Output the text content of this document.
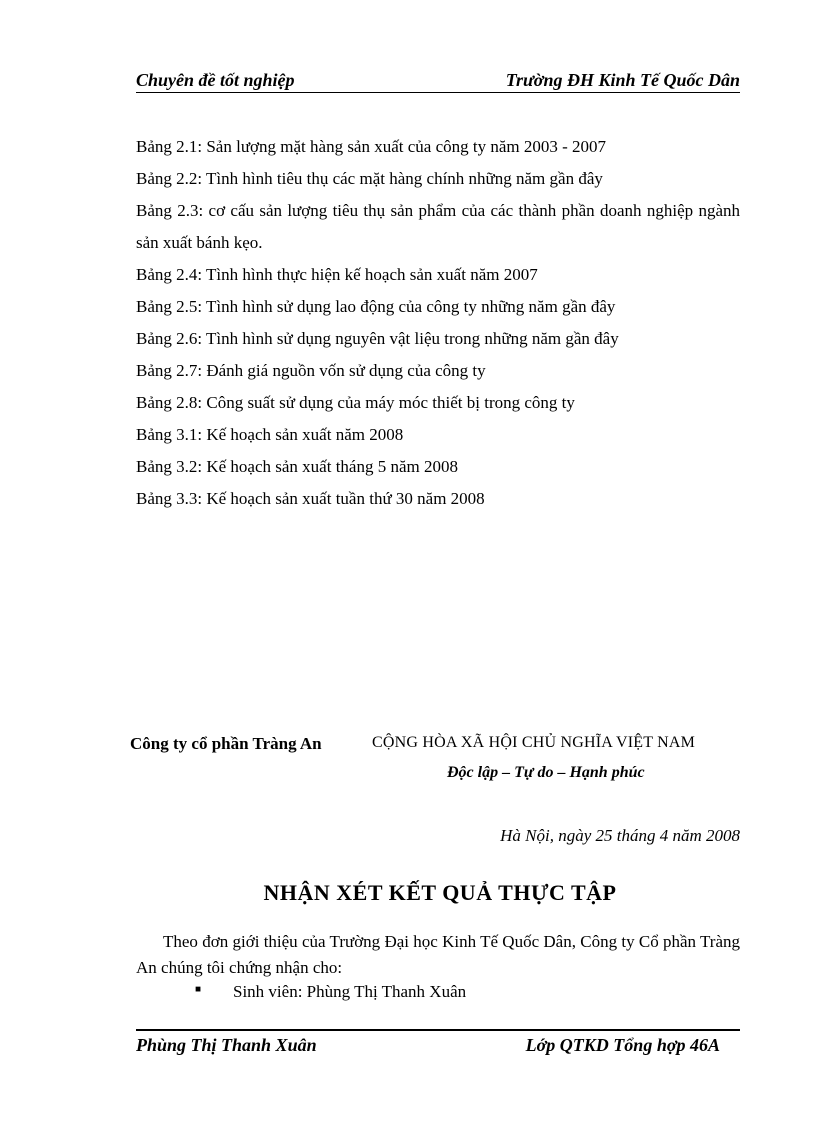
Chuyên đề tốt nghiệp	Trường ĐH Kinh Tế Quốc Dân
Bảng 2.1: Sản lượng mặt hàng sản xuất của công ty năm 2003 - 2007
Bảng 2.2: Tình hình tiêu thụ các mặt hàng chính những năm gần đây
Bảng 2.3: cơ cấu sản lượng tiêu thụ sản phẩm của các thành phần doanh nghiệp ngành sản xuất bánh kẹo.
Bảng 2.4: Tình hình thực hiện kế hoạch sản xuất năm 2007
Bảng 2.5: Tình hình sử dụng lao động của công ty những năm gần đây
Bảng 2.6: Tình hình sử dụng nguyên vật liệu trong những năm gần đây
Bảng 2.7: Đánh giá nguồn vốn sử dụng của công ty
Bảng 2.8: Công suất sử dụng của máy móc thiết bị trong công ty
Bảng 3.1: Kế hoạch sản xuất năm 2008
Bảng 3.2: Kế hoạch sản xuất tháng 5 năm 2008
Bảng 3.3: Kế hoạch sản xuất tuần thứ 30 năm 2008
Công ty cổ phần Tràng An	CỘNG HÒA XÃ HỘI CHỦ NGHĨA VIỆT NAM
Độc lập – Tự do – Hạnh phúc
Hà Nội, ngày 25 tháng 4 năm 2008
NHẬN XÉT KẾT QUẢ THỰC TẬP
Theo đơn giới thiệu của Trường Đại học Kinh Tế Quốc Dân, Công ty Cổ phần Tràng An chúng tôi chứng nhận cho:
■ Sinh viên: Phùng Thị Thanh Xuân
Phùng Thị Thanh Xuân	Lớp QTKD Tổng hợp 46A
